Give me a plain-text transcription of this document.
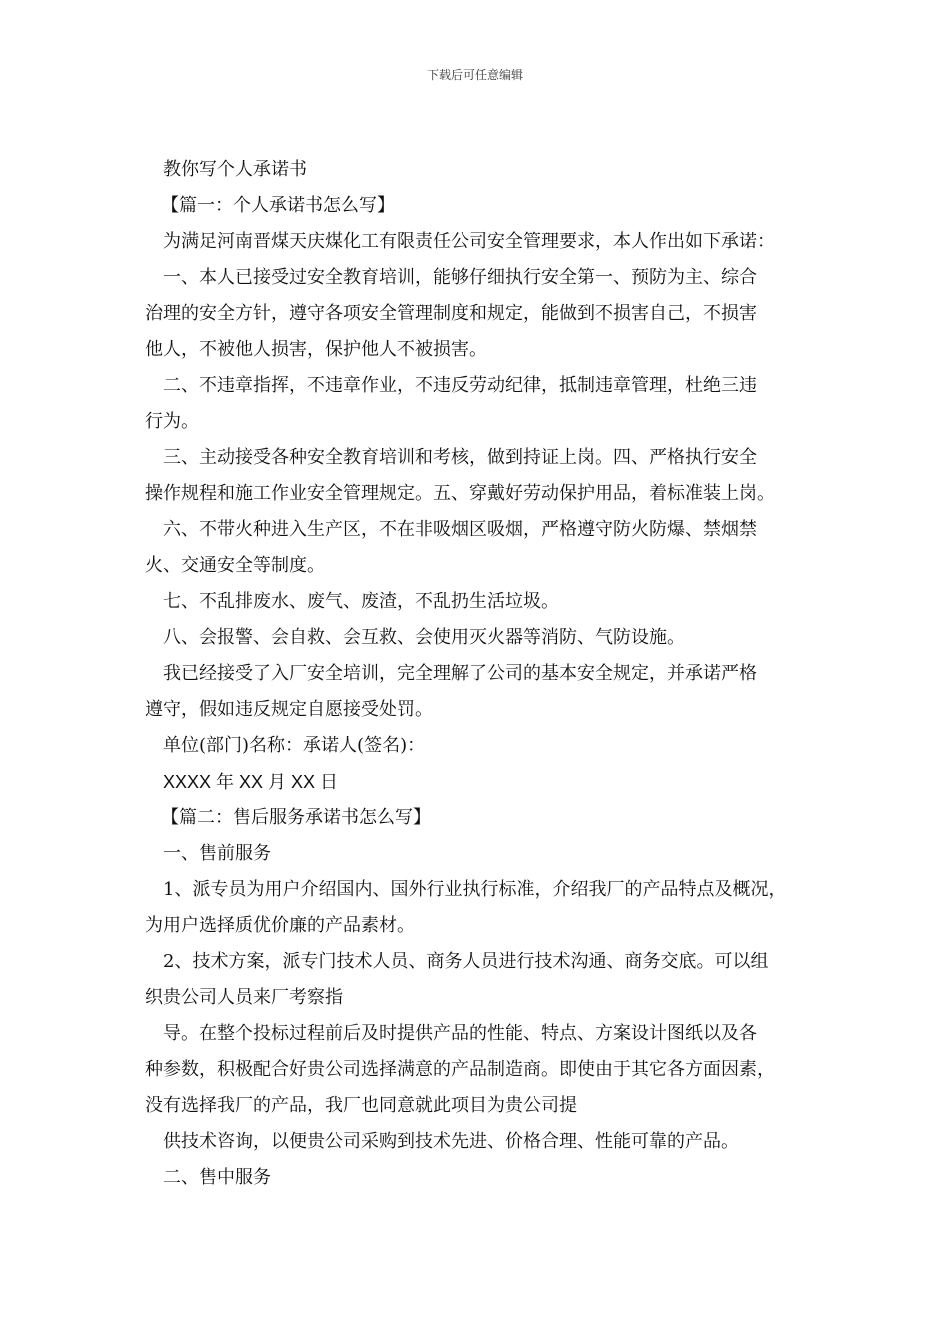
下载后可任意编辑

教你写个人承诺书

【篇一：个人承诺书怎么写】

为满足河南晋煤天庆煤化工有限责任公司安全管理要求，本人作出如下承诺：

一、本人已接受过安全教育培训，能够仔细执行安全第一、预防为主、综合

治理的安全方针，遵守各项安全管理制度和规定，能做到不损害自己，不损害

他人，不被他人损害，保护他人不被损害。

二、不违章指挥，不违章作业，不违反劳动纪律，抵制违章管理，杜绝三违

行为。

三、主动接受各种安全教育培训和考核，做到持证上岗。四、严格执行安全

操作规程和施工作业安全管理规定。五、穿戴好劳动保护用品，着标准装上岗。

六、不带火种进入生产区，不在非吸烟区吸烟，严格遵守防火防爆、禁烟禁

火、交通安全等制度。

七、不乱排废水、废气、废渣，不乱扔生活垃圾。

八、会报警、会自救、会互救、会使用灭火器等消防、气防设施。

我已经接受了入厂安全培训，完全理解了公司的基本安全规定，并承诺严格

遵守，假如违反规定自愿接受处罚。

单位(部门)名称：承诺人(签名)：

XXXX 年 XX 月 XX 日

【篇二：售后服务承诺书怎么写】

一、售前服务

1、派专员为用户介绍国内、国外行业执行标准，介绍我厂的产品特点及概况，

为用户选择质优价廉的产品素材。

2、技术方案，派专门技术人员、商务人员进行技术沟通、商务交底。可以组

织贵公司人员来厂考察指

导。在整个投标过程前后及时提供产品的性能、特点、方案设计图纸以及各

种参数，积极配合好贵公司选择满意的产品制造商。即使由于其它各方面因素，

没有选择我厂的产品，我厂也同意就此项目为贵公司提

供技术咨询，以便贵公司采购到技术先进、价格合理、性能可靠的产品。

二、售中服务
